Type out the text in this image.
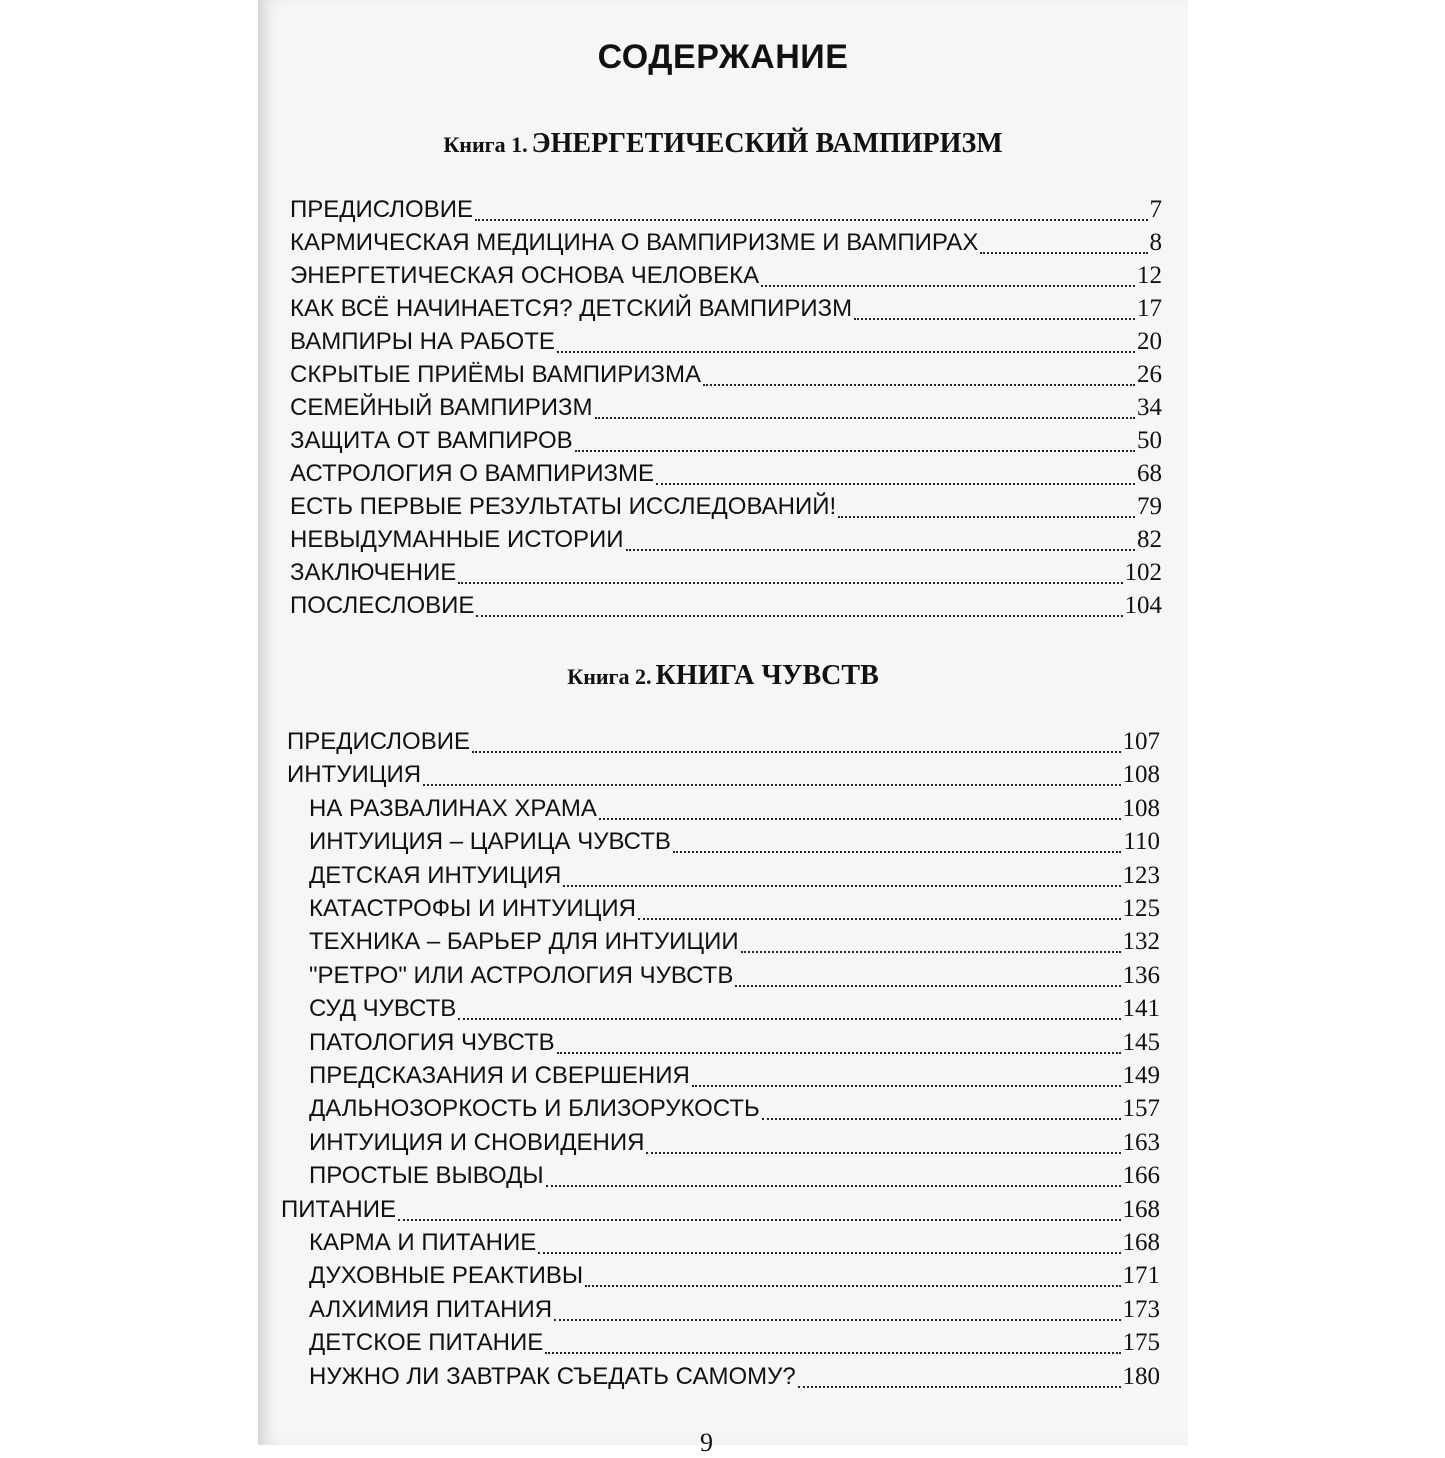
СОДЕРЖАНИЕ
Книга 1. ЭНЕРГЕТИЧЕСКИЙ ВАМПИРИЗМ
ПРЕДИСЛОВИЕ	7
КАРМИЧЕСКАЯ МЕДИЦИНА О ВАМПИРИЗМЕ И ВАМПИРАХ	8
ЭНЕРГЕТИЧЕСКАЯ ОСНОВА ЧЕЛОВЕКА	12
КАК ВСЁ НАЧИНАЕТСЯ? ДЕТСКИЙ ВАМПИРИЗМ	17
ВАМПИРЫ НА РАБОТЕ	20
СКРЫТЫЕ ПРИЁМЫ ВАМПИРИЗМА	26
СЕМЕЙНЫЙ ВАМПИРИЗМ	34
ЗАЩИТА ОТ ВАМПИРОВ	50
АСТРОЛОГИЯ О ВАМПИРИЗМЕ	68
ЕСТЬ ПЕРВЫЕ РЕЗУЛЬТАТЫ ИССЛЕДОВАНИЙ!	79
НЕВЫДУМАННЫЕ ИСТОРИИ	82
ЗАКЛЮЧЕНИЕ	102
ПОСЛЕСЛОВИЕ	104
Книга 2. КНИГА ЧУВСТВ
ПРЕДИСЛОВИЕ	107
ИНТУИЦИЯ	108
НА РАЗВАЛИНАХ ХРАМА	108
ИНТУИЦИЯ – ЦАРИЦА ЧУВСТВ	110
ДЕТСКАЯ ИНТУИЦИЯ	123
КАТАСТРОФЫ И ИНТУИЦИЯ	125
ТЕХНИКА – БАРЬЕР ДЛЯ ИНТУИЦИИ	132
"РЕТРО" ИЛИ АСТРОЛОГИЯ ЧУВСТВ	136
СУД ЧУВСТВ	141
ПАТОЛОГИЯ ЧУВСТВ	145
ПРЕДСКАЗАНИЯ И СВЕРШЕНИЯ	149
ДАЛЬНОЗОРКОСТЬ И БЛИЗОРУКОСТЬ	157
ИНТУИЦИЯ И СНОВИДЕНИЯ	163
ПРОСТЫЕ ВЫВОДЫ	166
ПИТАНИЕ	168
КАРМА И ПИТАНИЕ	168
ДУХОВНЫЕ РЕАКТИВЫ	171
АЛХИМИЯ ПИТАНИЯ	173
ДЕТСКОЕ ПИТАНИЕ	175
НУЖНО ЛИ ЗАВТРАК СЪЕДАТЬ САМОМУ?	180
9
